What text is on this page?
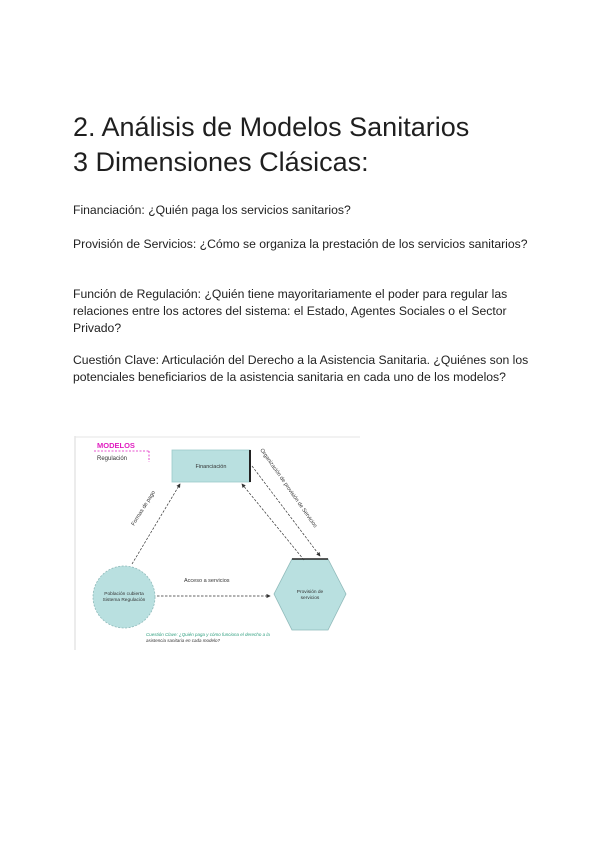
2. Análisis de Modelos Sanitarios
3 Dimensiones Clásicas:

Financiación: ¿Quién paga los servicios sanitarios?

Provisión de Servicios: ¿Cómo se organiza la prestación de los servicios sanitarios?

Función de Regulación: ¿Quién tiene mayoritariamente el poder para regular las relaciones entre los actores del sistema: el Estado, Agentes Sociales o el Sector Privado?

Cuestión Clave: Articulación del Derecho a la Asistencia Sanitaria. ¿Quiénes son los potenciales beneficiarios de la asistencia sanitaria en cada uno de los modelos?

MODELOS
Regulación
Financiación
Población cubierta
Sistema Regulación
Provisión de
servicios
Formas de pago	Organización de provisión de Servicios
Acceso a servicios
Cuestión Clave: ¿Quién paga y cómo funciona el derecho a la
asistencia sanitaria en cada modelo?
